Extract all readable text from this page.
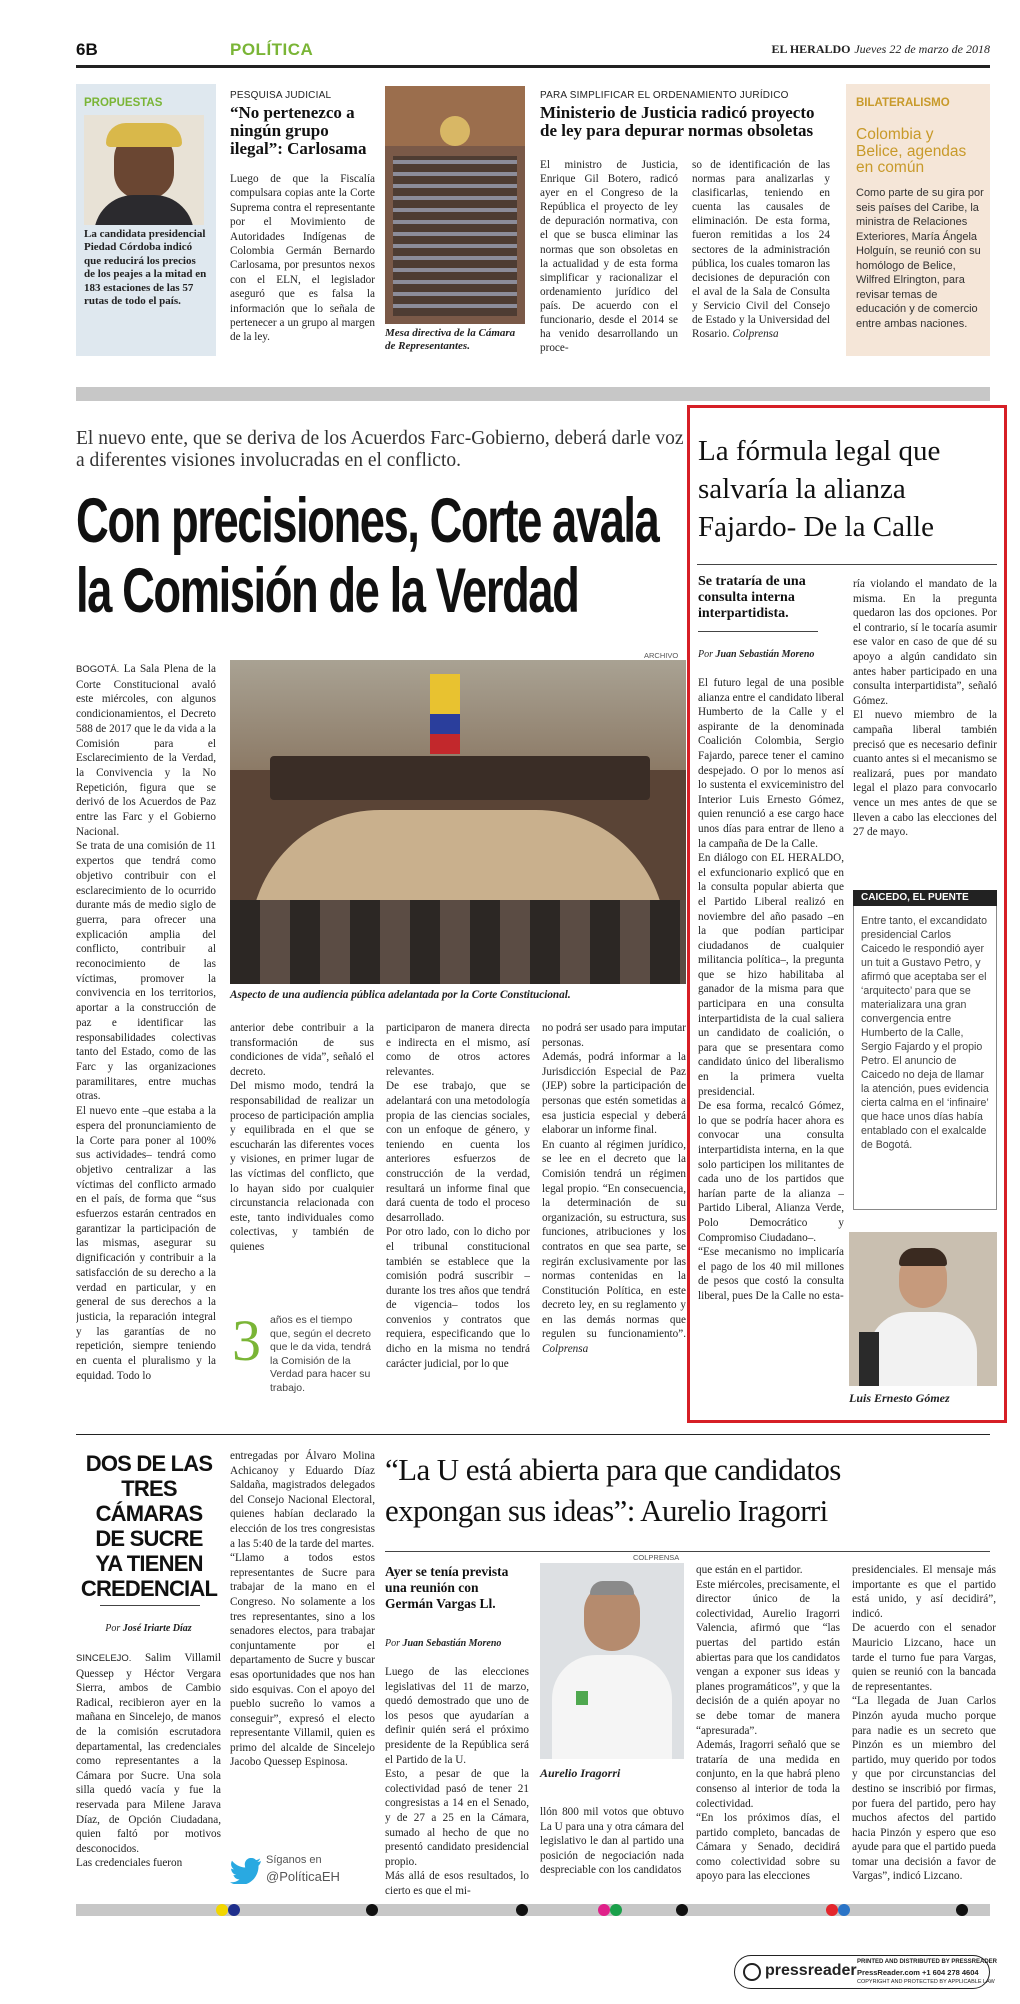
6B	POLÍTICA	EL HERALDO Jueves 22 de marzo de 2018
PROPUESTAS

La candidata presidencial Piedad Córdoba indicó que reducirá los precios de los peajes a la mitad en 183 estaciones de las 57 rutas de todo el país.

PESQUISA JUDICIAL
“No pertenezco a ningún grupo ilegal”: Carlosama

Luego de que la Fiscalía compulsara copias ante la Corte Suprema contra el representante por el Movimiento de Autoridades Indígenas de Colombia Germán Bernardo Carlosama, por presuntos nexos con el ELN, el legislador aseguró que es falsa la información que lo señala de pertenecer a un grupo al margen de la ley.	Mesa directiva de la Cámara de Representantes.
PARA SIMPLIFICAR EL ORDENAMIENTO JURÍDICO
Ministerio de Justicia radicó proyecto de ley para depurar normas obsoletas

El ministro de Justicia, Enrique Gil Botero, radicó ayer en el Congreso de la República el proyecto de ley de depuración normativa, con el que se busca eliminar las normas que son obsoletas en la actualidad y de esta forma simplificar y racionalizar el ordenamiento jurídico del país. De acuerdo con el funcionario, desde el 2014 se ha venido desarrollando un proce-

so de identificación de las normas para analizarlas y clasificarlas, teniendo en cuenta las causales de eliminación. De esta forma, fueron remitidas a los 24 sectores de la administración pública, los cuales tomaron las decisiones de depuración con el aval de la Sala de Consulta y Servicio Civil del Consejo de Estado y la Universidad del Rosario. Colprensa

BILATERALISMO
Colombia y Belice, agendas en común

Como parte de su gira por seis países del Caribe, la ministra de Relaciones Exteriores, María Ángela Holguín, se reunió con su homólogo de Belice, Wilfred Elrington, para revisar temas de educación y de comercio entre ambas naciones.

El nuevo ente, que se deriva de los Acuerdos Farc-Gobierno, deberá darle voz a diferentes visiones involucradas en el conflicto.
Con precisiones, Corte avala
la Comisión de la Verdad

BOGOTÁ. La Sala Plena de la Corte Constitucional avaló este miércoles, con algunos condicionamientos, el Decreto 588 de 2017 que le da vida a la Comisión para el Esclarecimiento de la Verdad, la Convivencia y la No Repetición, figura que se derivó de los Acuerdos de Paz entre las Farc y el Gobierno Nacional.
Se trata de una comisión de 11 expertos que tendrá como objetivo contribuir con el esclarecimiento de lo ocurrido durante más de medio siglo de guerra, para ofrecer una explicación amplia del conflicto, contribuir al reconocimiento de las víctimas, promover la convivencia en los territorios, aportar a la construcción de paz e identificar las responsabilidades colectivas tanto del Estado, como de las Farc y las organizaciones paramilitares, entre muchas otras.
El nuevo ente –que estaba a la espera del pronunciamiento de la Corte para poner al 100% sus actividades– tendrá como objetivo centralizar a las víctimas del conflicto armado en el país, de forma que “sus esfuerzos estarán centrados en garantizar la participación de las mismas, asegurar su dignificación y contribuir a la satisfacción de su derecho a la verdad en particular, y en general de sus derechos a la justicia, la reparación integral y las garantías de no repetición, siempre teniendo en cuenta el pluralismo y la equidad. Todo lo

ARCHIVO
Aspecto de una audiencia pública adelantada por la Corte Constitucional.

anterior debe contribuir a la transformación de sus condiciones de vida”, señaló el decreto.
Del mismo modo, tendrá la responsabilidad de realizar un proceso de participación amplia y equilibrada en el que se escucharán las diferentes voces y visiones, en primer lugar de las víctimas del conflicto, que lo hayan sido por cualquier circunstancia relacionada con este, tanto individuales como colectivas, y también de quienes

3 años es el tiempo que, según el decreto que le da vida, tendrá la Comisión de la Verdad para hacer su trabajo.

participaron de manera directa e indirecta en el mismo, así como de otros actores relevantes.
De ese trabajo, que se adelantará con una metodología propia de las ciencias sociales, con un enfoque de género, y teniendo en cuenta los anteriores esfuerzos de construcción de la verdad, resultará un informe final que dará cuenta de todo el proceso desarrollado.
Por otro lado, con lo dicho por el tribunal constitucional también se establece que la comisión podrá suscribir –durante los tres años que tendrá de vigencia– todos los convenios y contratos que requiera, especificando que lo dicho en la misma no tendrá carácter judicial, por lo que

no podrá ser usado para imputar personas.
Además, podrá informar a la Jurisdicción Especial de Paz (JEP) sobre la participación de personas que estén sometidas a esa justicia especial y deberá elaborar un informe final.
En cuanto al régimen jurídico, se lee en el decreto que la Comisión tendrá un régimen legal propio. “En consecuencia, la determinación de su organización, su estructura, sus funciones, atribuciones y los contratos en que sea parte, se regirán exclusivamente por las normas contenidas en la Constitución Política, en este decreto ley, en su reglamento y en las demás normas que regulen su funcionamiento”. Colprensa

La fórmula legal que
salvaría la alianza
Fajardo- De la Calle
Se trataría de una consulta interna interpartidista.
Por Juan Sebastián Moreno

El futuro legal de una posible alianza entre el candidato liberal Humberto de la Calle y el aspirante de la denominada Coalición Colombia, Sergio Fajardo, parece tener el camino despejado. O por lo menos así lo sustenta el exviceministro del Interior Luis Ernesto Gómez, quien renunció a ese cargo hace unos días para entrar de lleno a la campaña de De la Calle.
En diálogo con EL HERALDO, el exfuncionario explicó que en la consulta popular abierta que el Partido Liberal realizó en noviembre del año pasado –en la que podían participar ciudadanos de cualquier militancia política–, la pregunta que se hizo habilitaba al ganador de la misma para que participara en una consulta interpartidista de la cual saliera un candidato de coalición, o para que se presentara como candidato único del liberalismo en la primera vuelta presidencial.
De esa forma, recalcó Gómez, lo que se podría hacer ahora es convocar una consulta interpartidista interna, en la que solo participen los militantes de cada uno de los partidos que harían parte de la alianza –Partido Liberal, Alianza Verde, Polo Democrático y Compromiso Ciudadano–.
“Ese mecanismo no implicaría el pago de los 40 mil millones de pesos que costó la consulta liberal, pues De la Calle no esta-

ría violando el mandato de la misma. En la pregunta quedaron las dos opciones. Por el contrario, sí le tocaría asumir ese valor en caso de que dé su apoyo a algún candidato sin antes haber participado en una consulta interpartidista”, señaló Gómez.
El nuevo miembro de la campaña liberal también precisó que es necesario definir cuanto antes si el mecanismo se realizará, pues por mandato legal el plazo para convocarlo vence un mes antes de que se lleven a cabo las elecciones del 27 de mayo.

CAICEDO, EL PUENTE

Entre tanto, el excandidato presidencial Carlos Caicedo le respondió ayer un tuit a Gustavo Petro, y afirmó que aceptaba ser el ‘arquitecto’ para que se materializara una gran convergencia entre Humberto de la Calle, Sergio Fajardo y el propio Petro. El anuncio de Caicedo no deja de llamar la atención, pues evidencia cierta calma en el ‘infinaire’ que hace unos días había entablado con el exalcalde de Bogotá.

Luis Ernesto Gómez
DOS DE LAS TRES CÁMARAS DE SUCRE YA TIENEN CREDENCIAL
Por José Iriarte Díaz

SINCELEJO. Salim Villamil Quessep y Héctor Vergara Sierra, ambos de Cambio Radical, recibieron ayer en la mañana en Sincelejo, de manos de la comisión escrutadora departamental, las credenciales como representantes a la Cámara por Sucre. Una sola silla quedó vacía y fue la reservada para Milene Jarava Díaz, de Opción Ciudadana, quien faltó por motivos desconocidos.
Las credenciales fueron

entregadas por Álvaro Molina Achicanoy y Eduardo Díaz Saldaña, magistrados delegados del Consejo Nacional Electoral, quienes habían declarado la elección de los tres congresistas a las 5:40 de la tarde del martes.
“Llamo a todos estos representantes de Sucre para trabajar de la mano en el Congreso. No solamente a los tres representantes, sino a los senadores electos, para trabajar conjuntamente por el departamento de Sucre y buscar esas oportunidades que nos han sido esquivas. Con el apoyo del pueblo sucreño lo vamos a conseguir”, expresó el electo representante Villamil, quien es primo del alcalde de Sincelejo Jacobo Quessep Espinosa.

Síganos en
@PolíticaEH
“La U está abierta para que candidatos
expongan sus ideas”: Aurelio Iragorri
Ayer se tenía prevista una reunión con Germán Vargas Ll.
Por Juan Sebastián Moreno

Luego de las elecciones legislativas del 11 de marzo, quedó demostrado que uno de los pesos que ayudarían a definir quién será el próximo presidente de la República será el Partido de la U.
Esto, a pesar de que la colectividad pasó de tener 21 congresistas a 14 en el Senado, y de 27 a 25 en la Cámara, sumado al hecho de que no presentó candidato presidencial propio.
Más allá de esos resultados, lo cierto es que el mi-

COLPRENSA
Aurelio Iragorri

llón 800 mil votos que obtuvo La U para una y otra cámara del legislativo le dan al partido una posición de negociación nada despreciable con los candidatos

que están en el partidor.
Este miércoles, precisamente, el director único de la colectividad, Aurelio Iragorri Valencia, afirmó que “las puertas del partido están abiertas para que los candidatos vengan a exponer sus ideas y planes programáticos”, y que la decisión de a quién apoyar no se debe tomar de manera “apresurada”.
Además, Iragorri señaló que se trataría de una medida en conjunto, en la que habrá pleno consenso al interior de toda la colectividad.
“En los próximos días, el partido completo, bancadas de Cámara y Senado, decidirá como colectividad sobre su apoyo para las elecciones

presidenciales. El mensaje más importante es que el partido está unido, y así decidirá”, indicó.
De acuerdo con el senador Mauricio Lizcano, hace un tarde el turno fue para Vargas, quien se reunió con la bancada de representantes.
“La llegada de Juan Carlos Pinzón ayuda mucho porque para nadie es un secreto que Pinzón es un miembro del partido, muy querido por todos y que por circunstancias del destino se inscribió por firmas, por fuera del partido, pero hay muchos afectos del partido hacia Pinzón y espero que eso ayude para que el partido pueda tomar una decisión a favor de Vargas”, indicó Lizcano.

pressreader PRINTED AND DISTRIBUTED BY PRESSREADER
PressReader.com +1 604 278 4604
COPYRIGHT AND PROTECTED BY APPLICABLE LAW
